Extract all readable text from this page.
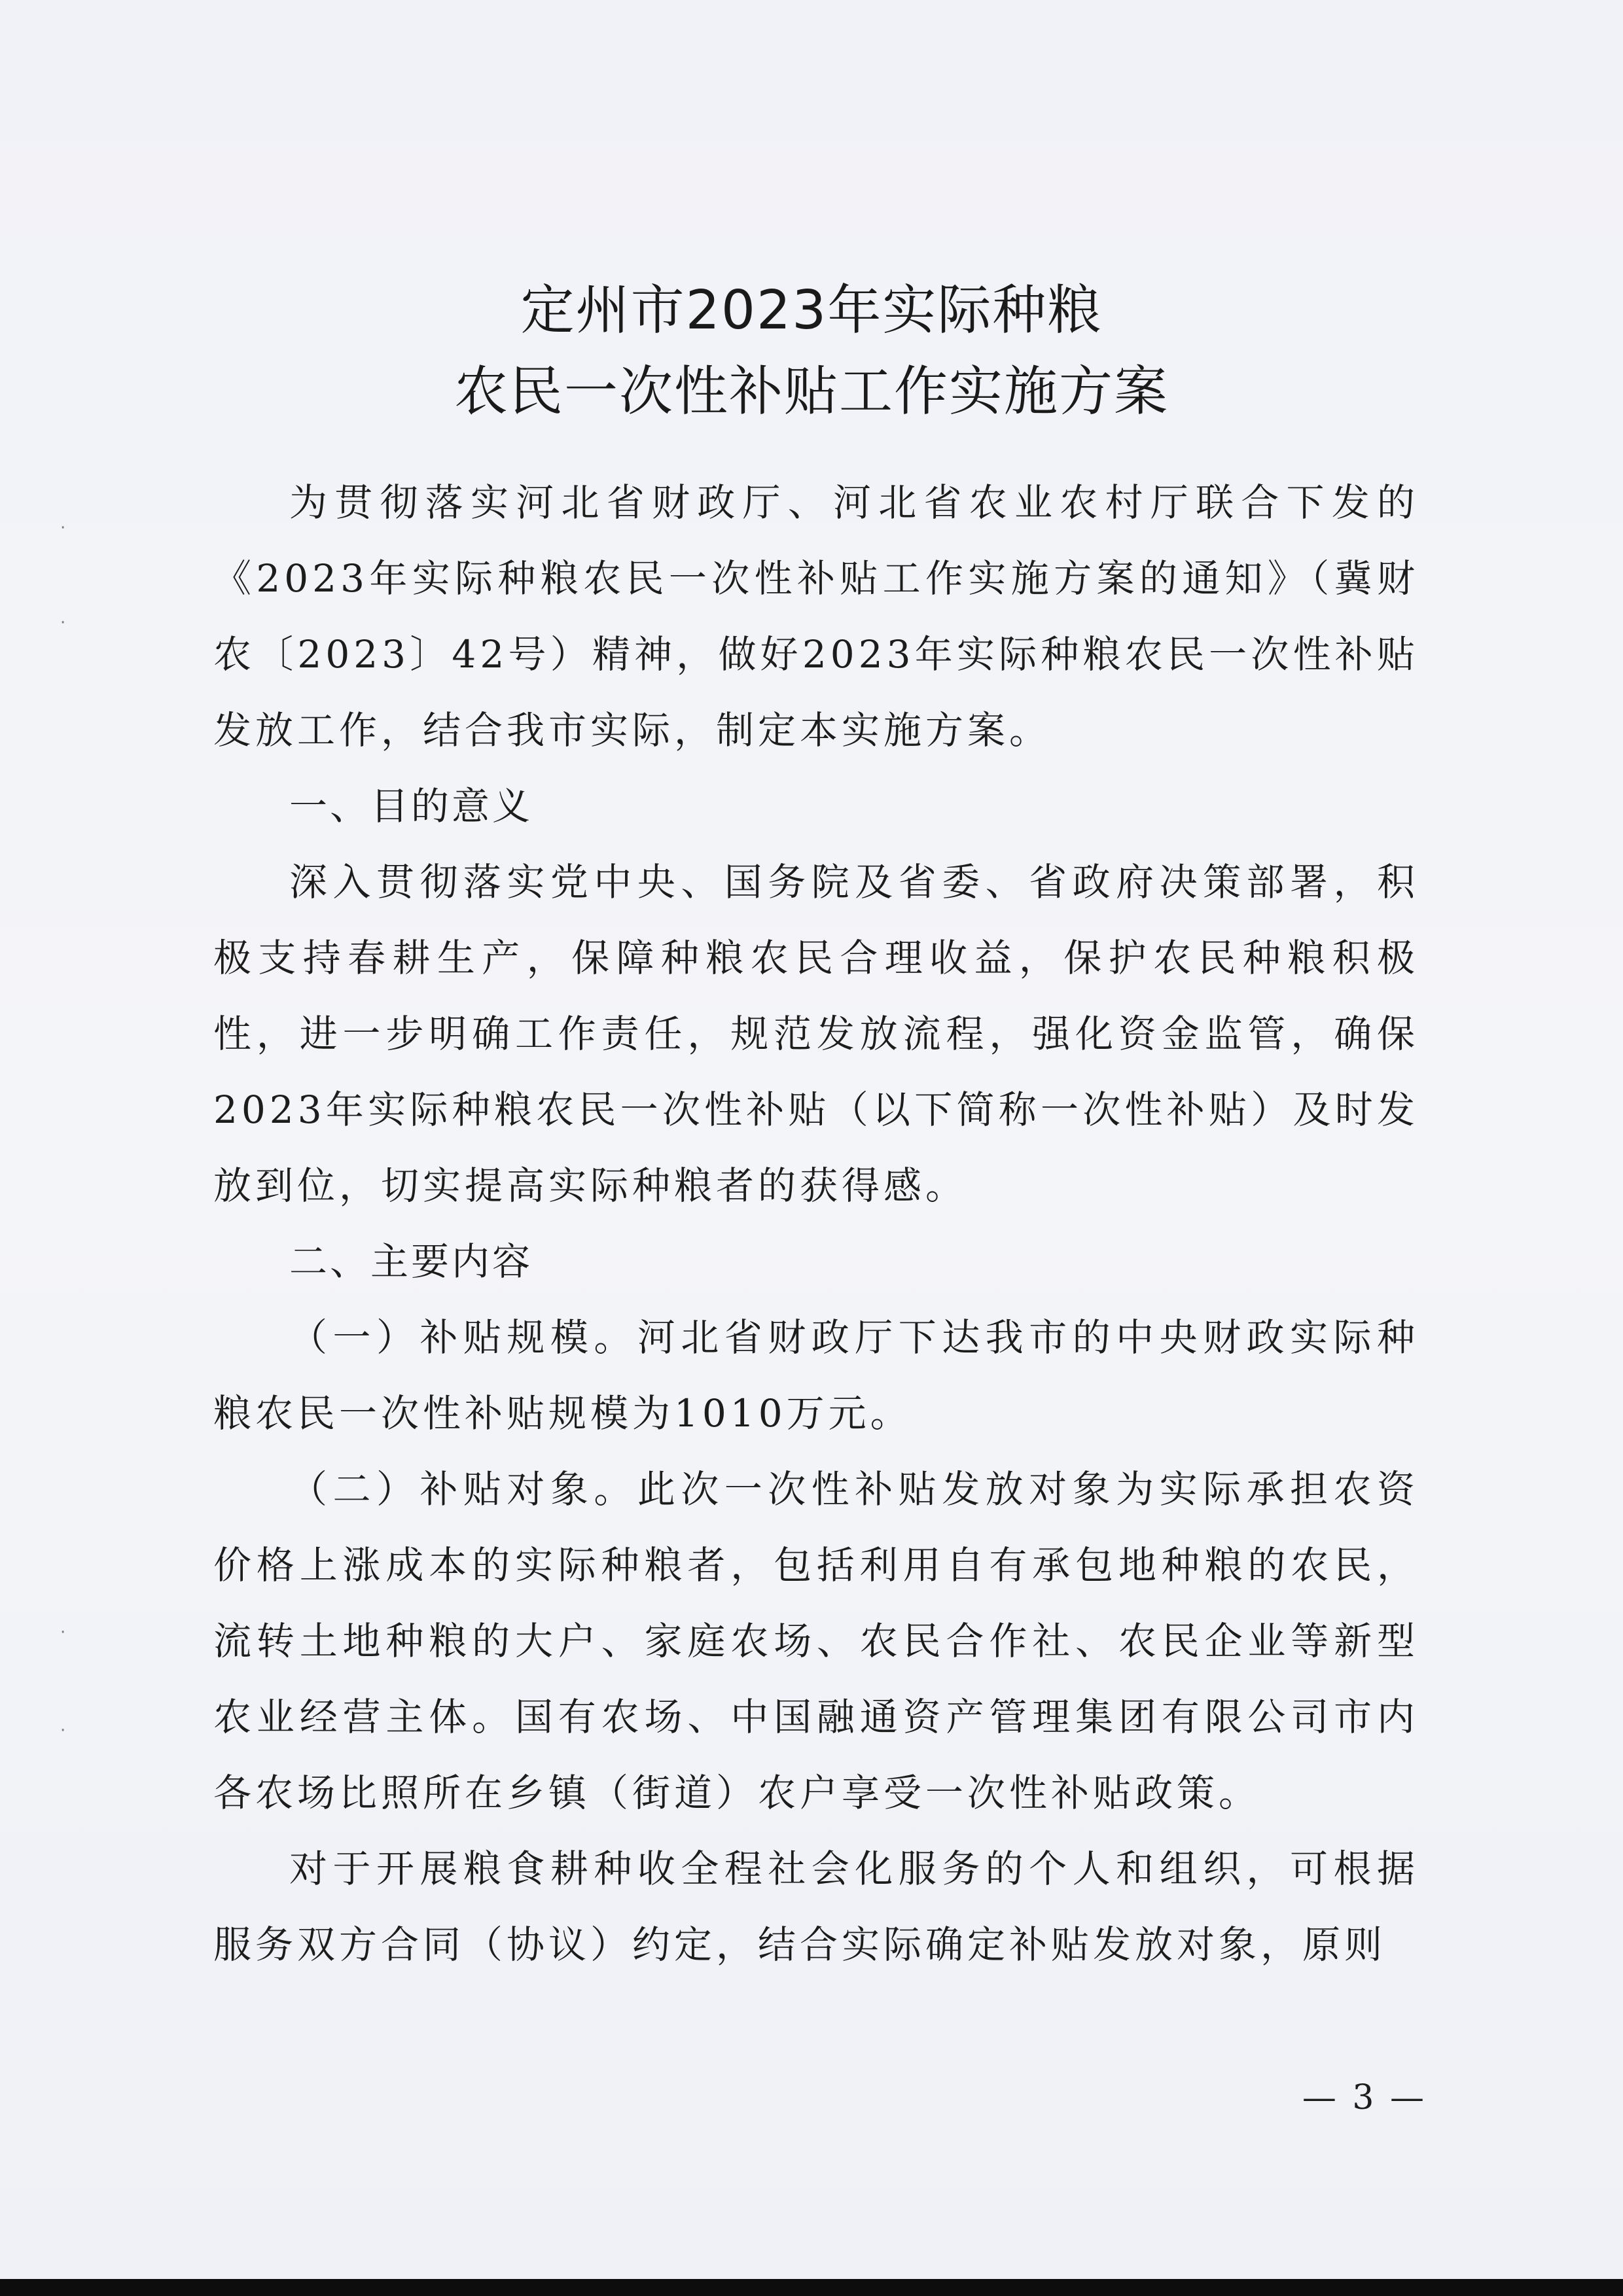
·
·
·
·
定州市2023年实际种粮
农民一次性补贴工作实施方案

为贯彻落实河北省财政厅、河北省农业农村厅联合下发的《2023年实际种粮农民一次性补贴工作实施方案的通知》（冀财农〔2023〕42号）精神，做好2023年实际种粮农民一次性补贴发放工作，结合我市实际，制定本实施方案。

一、目的意义

深入贯彻落实党中央、国务院及省委、省政府决策部署，积极支持春耕生产，保障种粮农民合理收益，保护农民种粮积极性，进一步明确工作责任，规范发放流程，强化资金监管，确保2023年实际种粮农民一次性补贴（以下简称一次性补贴）及时发放到位，切实提高实际种粮者的获得感。

二、主要内容

（一）补贴规模。河北省财政厅下达我市的中央财政实际种粮农民一次性补贴规模为1010万元。

（二）补贴对象。此次一次性补贴发放对象为实际承担农资价格上涨成本的实际种粮者，包括利用自有承包地种粮的农民，流转土地种粮的大户、家庭农场、农民合作社、农民企业等新型农业经营主体。国有农场、中国融通资产管理集团有限公司市内各农场比照所在乡镇（街道）农户享受一次性补贴政策。

对于开展粮食耕种收全程社会化服务的个人和组织，可根据服务双方合同（协议）约定，结合实际确定补贴发放对象，原则

— 3 —
